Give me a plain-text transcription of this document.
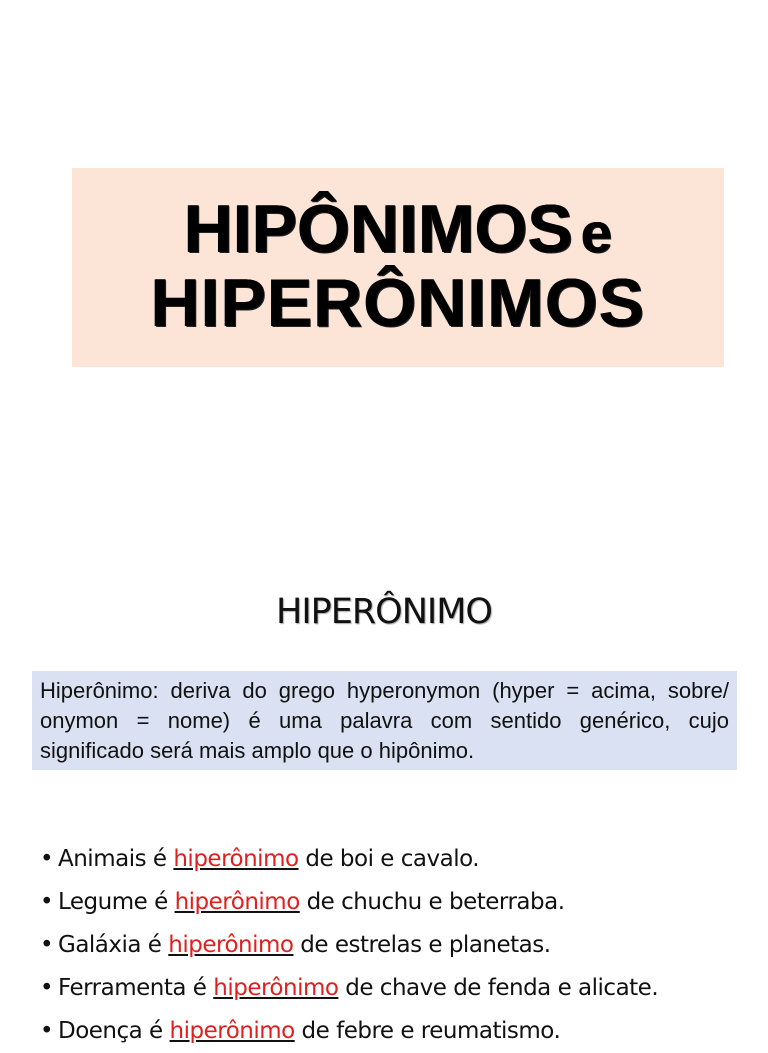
HIPÔNIMOS e
HIPERÔNIMOS
HIPERÔNIMO

Hiperônimo: deriva do grego hyperonymon (hyper = acima, sobre/ onymon = nome) é uma palavra com sentido genérico, cujo significado será mais amplo que o hipônimo.

• Animais é hiperônimo de boi e cavalo.
• Legume é hiperônimo de chuchu e beterraba.
• Galáxia é hiperônimo de estrelas e planetas.
• Ferramenta é hiperônimo de chave de fenda e alicate.
• Doença é hiperônimo de febre e reumatismo.
